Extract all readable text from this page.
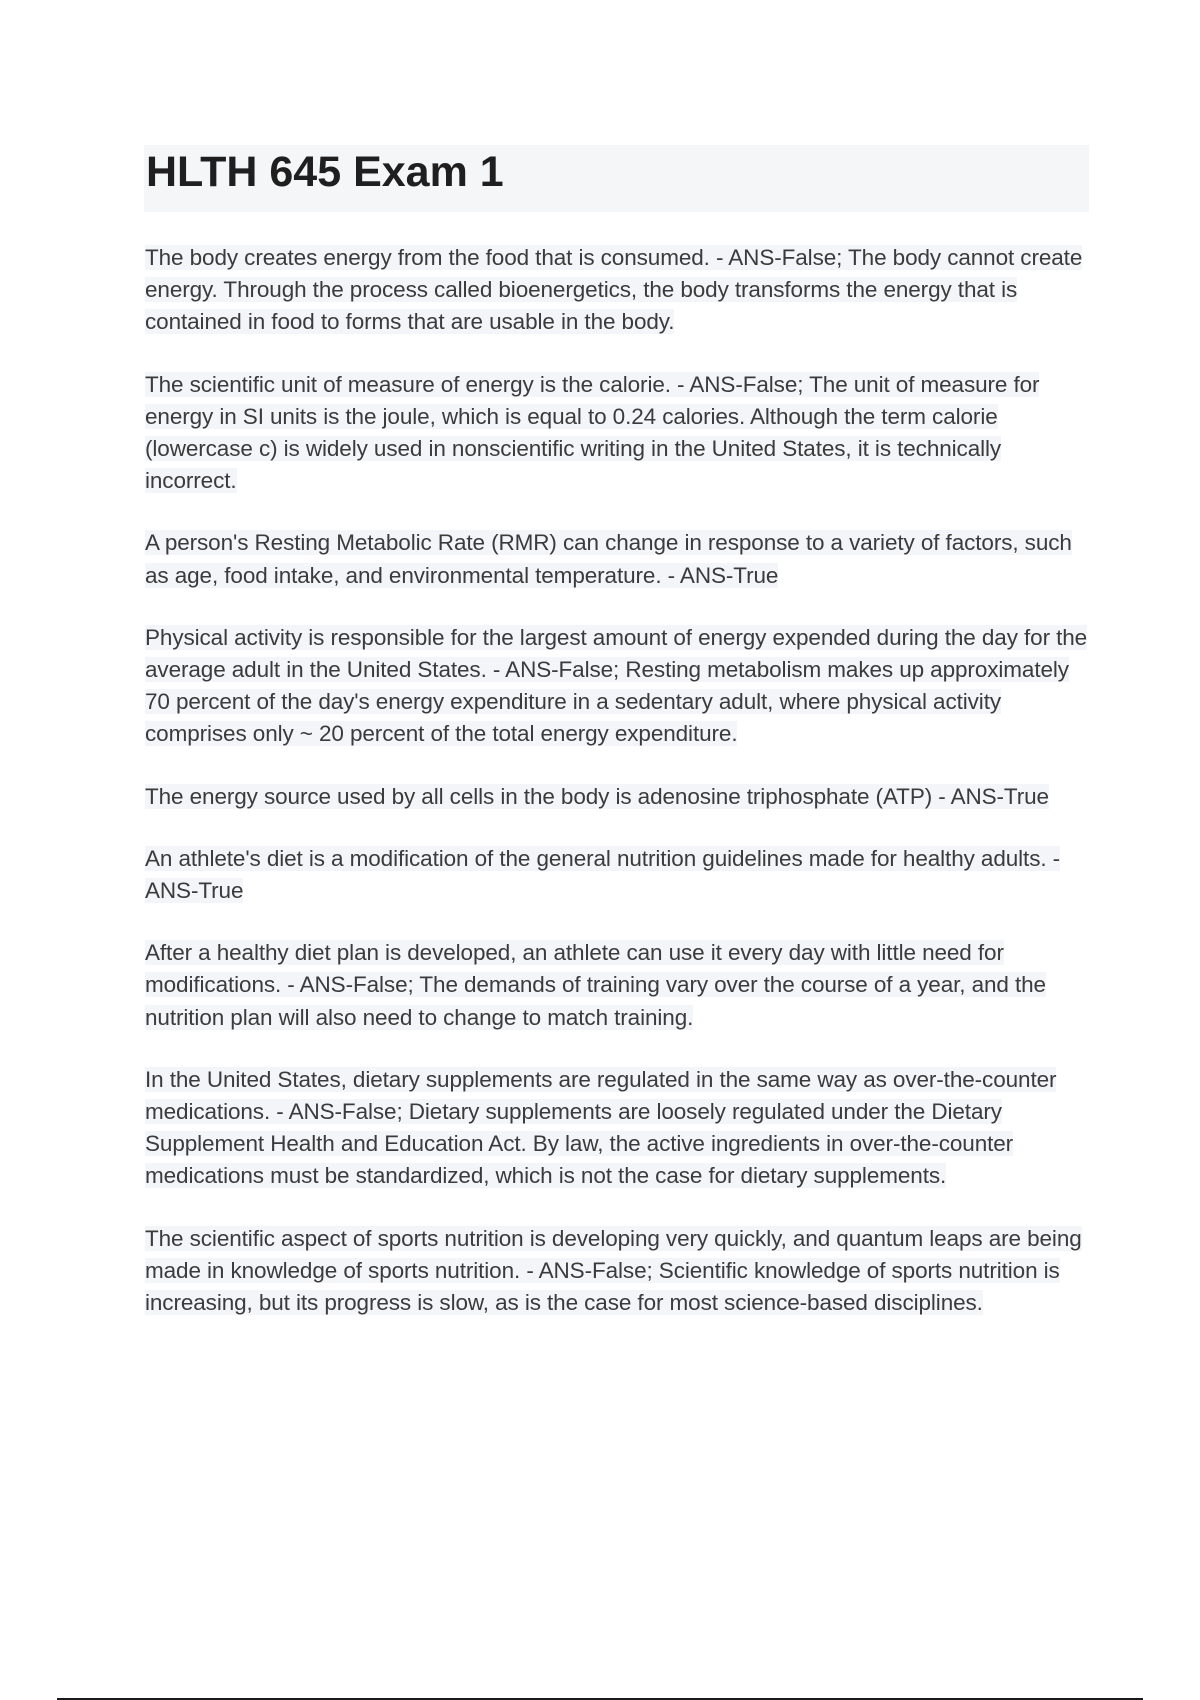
HLTH 645 Exam 1
The body creates energy from the food that is consumed. - ANS-False; The body cannot create energy. Through the process called bioenergetics, the body transforms the energy that is contained in food to forms that are usable in the body.
The scientific unit of measure of energy is the calorie. - ANS-False; The unit of measure for energy in SI units is the joule, which is equal to 0.24 calories. Although the term calorie (lowercase c) is widely used in nonscientific writing in the United States, it is technically incorrect.
A person's Resting Metabolic Rate (RMR) can change in response to a variety of factors, such as age, food intake, and environmental temperature. - ANS-True
Physical activity is responsible for the largest amount of energy expended during the day for the average adult in the United States. - ANS-False; Resting metabolism makes up approximately 70 percent of the day's energy expenditure in a sedentary adult, where physical activity comprises only ~ 20 percent of the total energy expenditure.
The energy source used by all cells in the body is adenosine triphosphate (ATP) - ANS-True
An athlete's diet is a modification of the general nutrition guidelines made for healthy adults. - ANS-True
After a healthy diet plan is developed, an athlete can use it every day with little need for modifications. - ANS-False; The demands of training vary over the course of a year, and the nutrition plan will also need to change to match training.
In the United States, dietary supplements are regulated in the same way as over-the-counter medications. - ANS-False; Dietary supplements are loosely regulated under the Dietary Supplement Health and Education Act. By law, the active ingredients in over-the-counter medications must be standardized, which is not the case for dietary supplements.
The scientific aspect of sports nutrition is developing very quickly, and quantum leaps are being made in knowledge of sports nutrition. - ANS-False; Scientific knowledge of sports nutrition is increasing, but its progress is slow, as is the case for most science-based disciplines.
